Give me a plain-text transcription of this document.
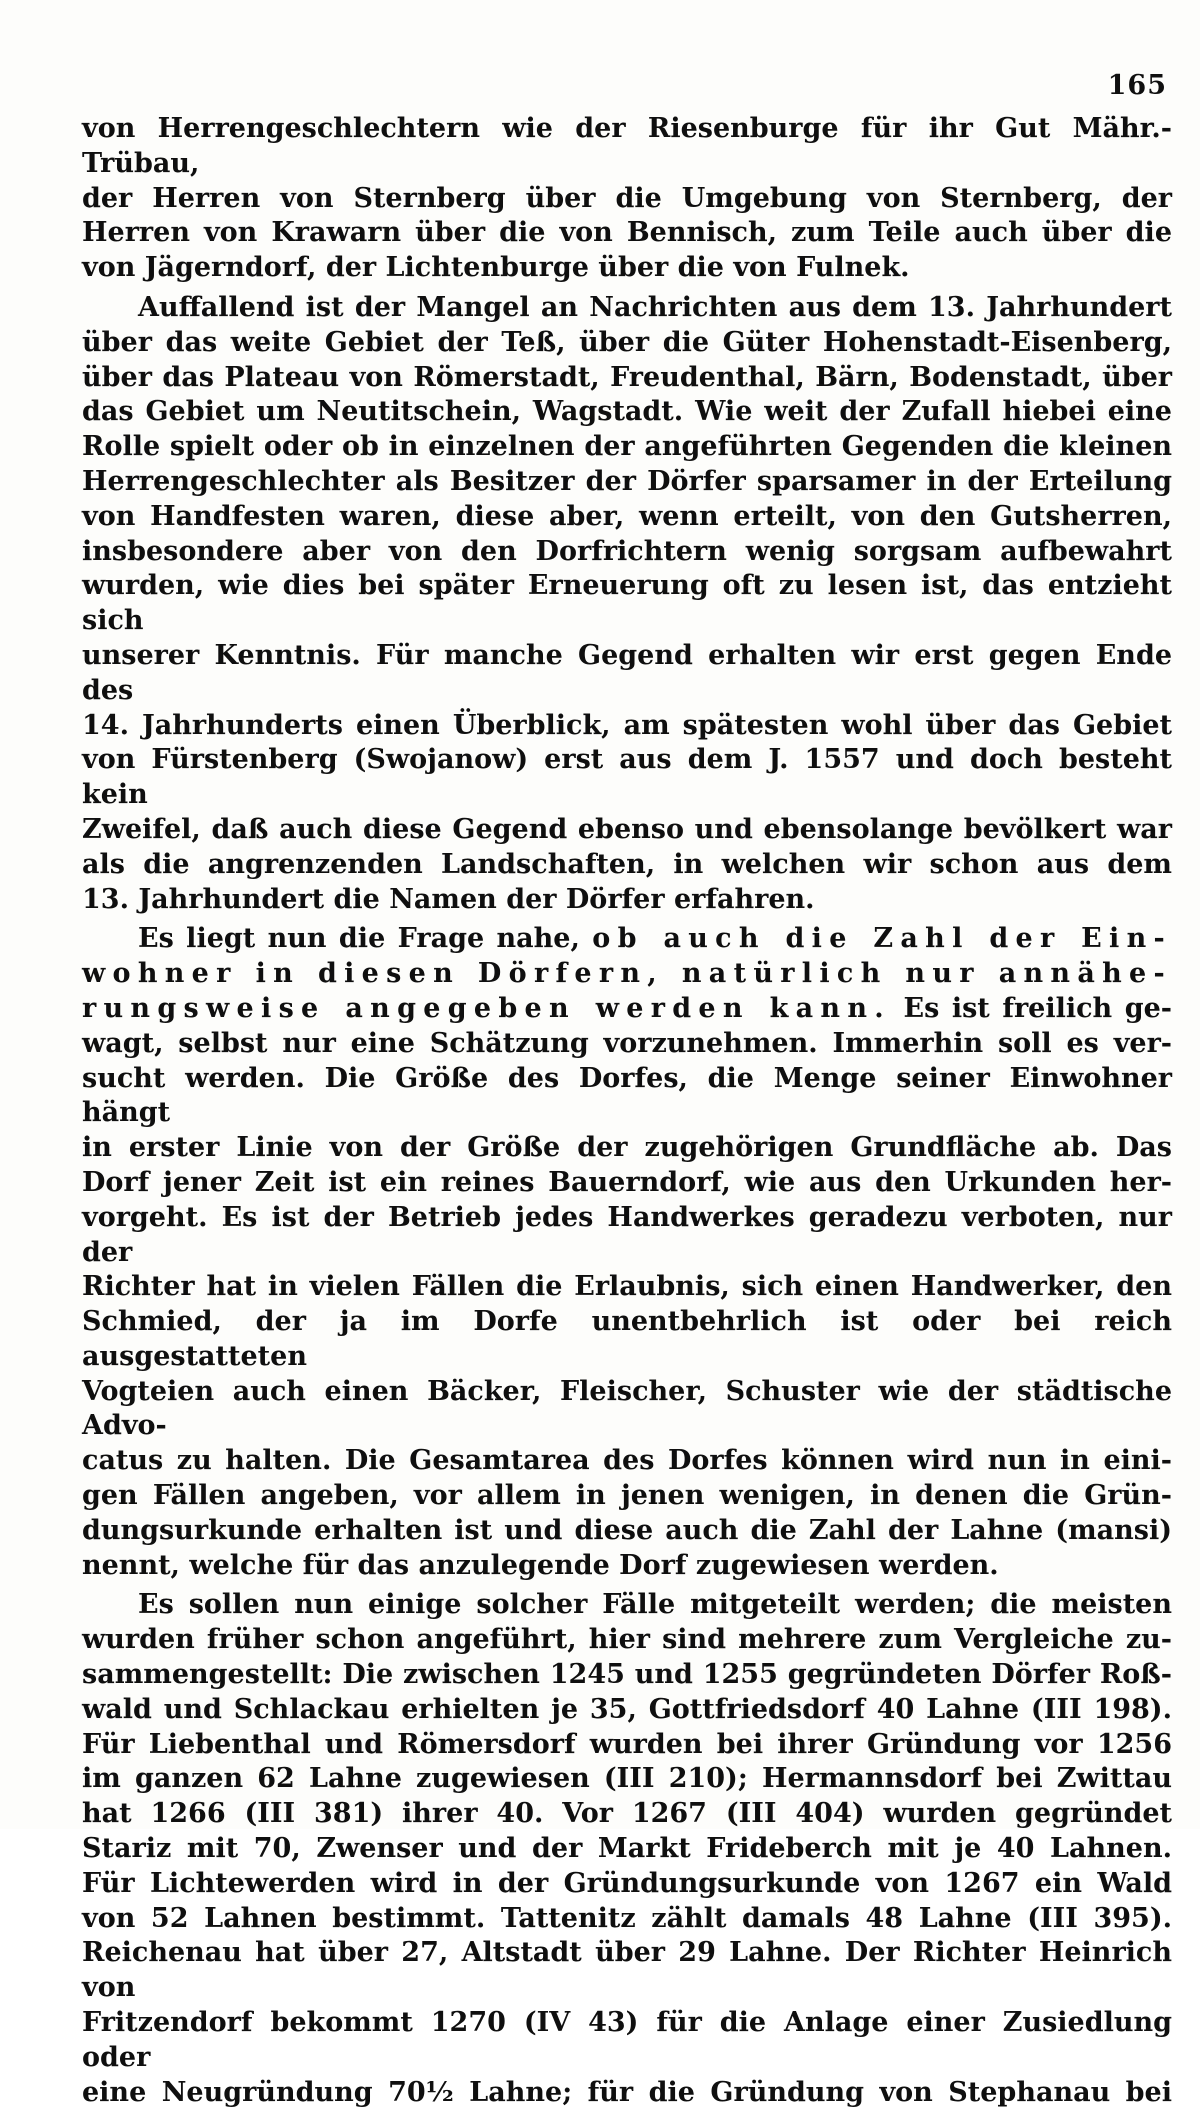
165
von Herrengeschlechtern wie der Riesenburge für ihr Gut Mähr.-Trübau,
der Herren von Sternberg über die Umgebung von Sternberg, der
Herren von Krawarn über die von Bennisch, zum Teile auch über die
von Jägerndorf, der Lichtenburge über die von Fulnek.
Auffallend ist der Mangel an Nachrichten aus dem 13. Jahrhundert
über das weite Gebiet der Teß, über die Güter Hohenstadt-Eisenberg,
über das Plateau von Römerstadt, Freudenthal, Bärn, Bodenstadt, über
das Gebiet um Neutitschein, Wagstadt. Wie weit der Zufall hiebei eine
Rolle spielt oder ob in einzelnen der angeführten Gegenden die kleinen
Herrengeschlechter als Besitzer der Dörfer sparsamer in der Erteilung
von Handfesten waren, diese aber, wenn erteilt, von den Gutsherren,
insbesondere aber von den Dorfrichtern wenig sorgsam aufbewahrt
wurden, wie dies bei später Erneuerung oft zu lesen ist, das entzieht sich
unserer Kenntnis. Für manche Gegend erhalten wir erst gegen Ende des
14. Jahrhunderts einen Überblick, am spätesten wohl über das Gebiet
von Fürstenberg (Swojanow) erst aus dem J. 1557 und doch besteht kein
Zweifel, daß auch diese Gegend ebenso und ebensolange bevölkert war
als die angrenzenden Landschaften, in welchen wir schon aus dem
13. Jahrhundert die Namen der Dörfer erfahren.
Es liegt nun die Frage nahe, ob auch die Zahl der Ein-
wohner in diesen Dörfern, natürlich nur annähe-
rungsweise angegeben werden kann. Es ist freilich ge-
wagt, selbst nur eine Schätzung vorzunehmen. Immerhin soll es ver-
sucht werden. Die Größe des Dorfes, die Menge seiner Einwohner hängt
in erster Linie von der Größe der zugehörigen Grundfläche ab. Das
Dorf jener Zeit ist ein reines Bauerndorf, wie aus den Urkunden her-
vorgeht. Es ist der Betrieb jedes Handwerkes geradezu verboten, nur der
Richter hat in vielen Fällen die Erlaubnis, sich einen Handwerker, den
Schmied, der ja im Dorfe unentbehrlich ist oder bei reich ausgestatteten
Vogteien auch einen Bäcker, Fleischer, Schuster wie der städtische Advo-
catus zu halten. Die Gesamtarea des Dorfes können wird nun in eini-
gen Fällen angeben, vor allem in jenen wenigen, in denen die Grün-
dungsurkunde erhalten ist und diese auch die Zahl der Lahne (mansi)
nennt, welche für das anzulegende Dorf zugewiesen werden.
Es sollen nun einige solcher Fälle mitgeteilt werden; die meisten
wurden früher schon angeführt, hier sind mehrere zum Vergleiche zu-
sammengestellt: Die zwischen 1245 und 1255 gegründeten Dörfer Roß-
wald und Schlackau erhielten je 35, Gottfriedsdorf 40 Lahne (III 198).
Für Liebenthal und Römersdorf wurden bei ihrer Gründung vor 1256
im ganzen 62 Lahne zugewiesen (III 210); Hermannsdorf bei Zwittau
hat 1266 (III 381) ihrer 40. Vor 1267 (III 404) wurden gegründet
Stariz mit 70, Zwenser und der Markt Frideberch mit je 40 Lahnen.
Für Lichtewerden wird in der Gründungsurkunde von 1267 ein Wald
von 52 Lahnen bestimmt. Tattenitz zählt damals 48 Lahne (III 395).
Reichenau hat über 27, Altstadt über 29 Lahne. Der Richter Heinrich von
Fritzendorf bekommt 1270 (IV 43) für die Anlage einer Zusiedlung oder
eine Neugründung 70½ Lahne; für die Gründung von Stephanau bei
